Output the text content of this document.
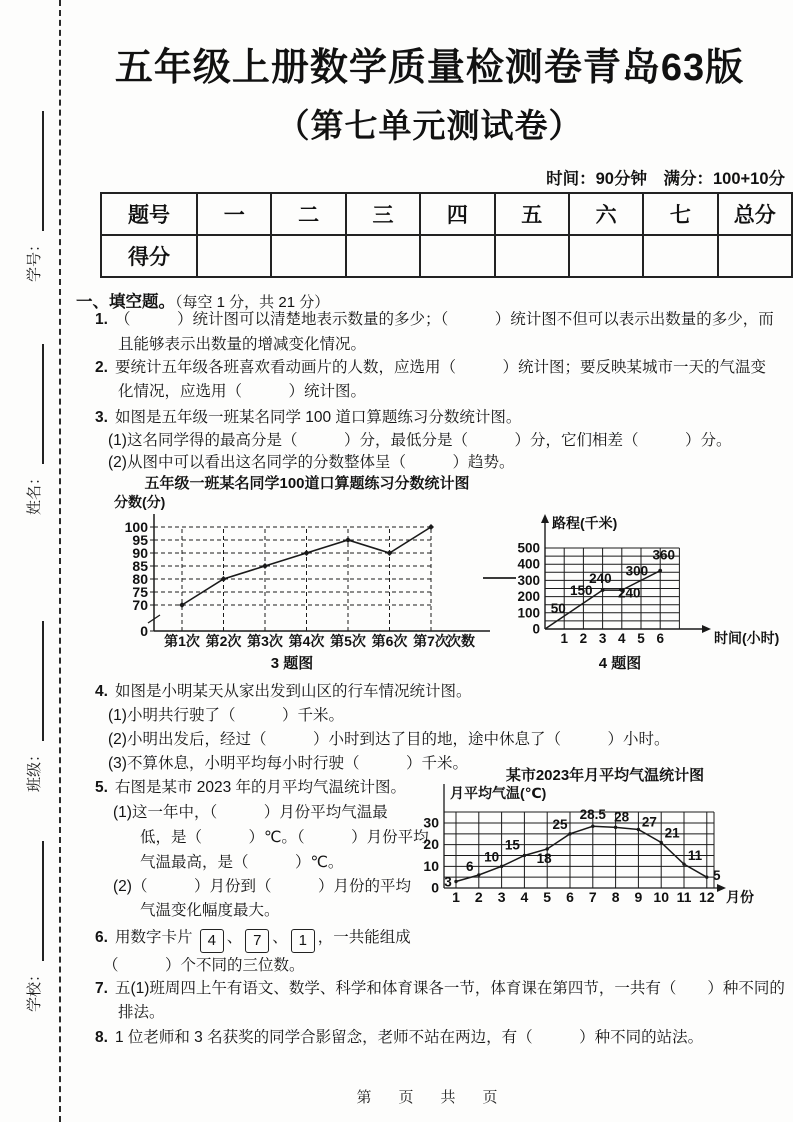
学号：
姓名：
班级：
学校：
五年级上册数学质量检测卷青岛63版
（第七单元测试卷）
时间：90分钟　满分：100+10分
题号	一	二	三	四	五	六	七	总分
得分								
一、填空题。（每空 1 分，共 21 分）
1. （　　　）统计图可以清楚地表示数量的多少；（　　　）统计图不但可以表示出数量的多少，而
且能够表示出数量的增减变化情况。
2. 要统计五年级各班喜欢看动画片的人数，应选用（　　　）统计图；要反映某城市一天的气温变
化情况，应选用（　　　）统计图。
3. 如图是五年级一班某名同学 100 道口算题练习分数统计图。
(1)这名同学得的最高分是（　　　）分，最低分是（　　　）分，它们相差（　　　）分。
(2)从图中可以看出这名同学的分数整体呈（　　　）趋势。
五年级一班某名同学100道口算题练习分数统计图
分数(分)
第1次 第2次 第3次 第4次 第5次 第6次 第7次
0
70
75
80
85
90
95
100
次数
3 题图
0
100
200
300
400
500
1 2 3 4 5 6
路程(千米)
时间(小时)
50
150
240
240
300
360
4 题图
4. 如图是小明某天从家出发到山区的行车情况统计图。
(1)小明共行驶了（　　　）千米。
(2)小明出发后，经过（　　　）小时到达了目的地，途中休息了（　　　）小时。
(3)不算休息，小明平均每小时行驶（　　　）千米。
5. 右图是某市 2023 年的月平均气温统计图。
(1)这一年中，（　　　）月份平均气温最
低，是（　　　）℃。（　　　）月份平均
气温最高，是（　　　）℃。
(2)（　　　）月份到（　　　）月份的平均
气温变化幅度最大。
某市2023年月平均气温统计图
月平均气温(℃)
0
10
20
30
1 2 3 4 5 6 7 8 9 10 11 12 月份
3
6
10
15
18
25
28.5 28 27
21
11
5
6. 用数字卡片 4 、 7 、 1 ，一共能组成
（　　　）个不同的三位数。
7. 五(1)班周四上午有语文、数学、科学和体育课各一节，体育课在第四节，一共有（　　）种不同的
排法。
8. 1 位老师和 3 名获奖的同学合影留念，老师不站在两边，有（　　　）种不同的站法。
第　页　共　页
